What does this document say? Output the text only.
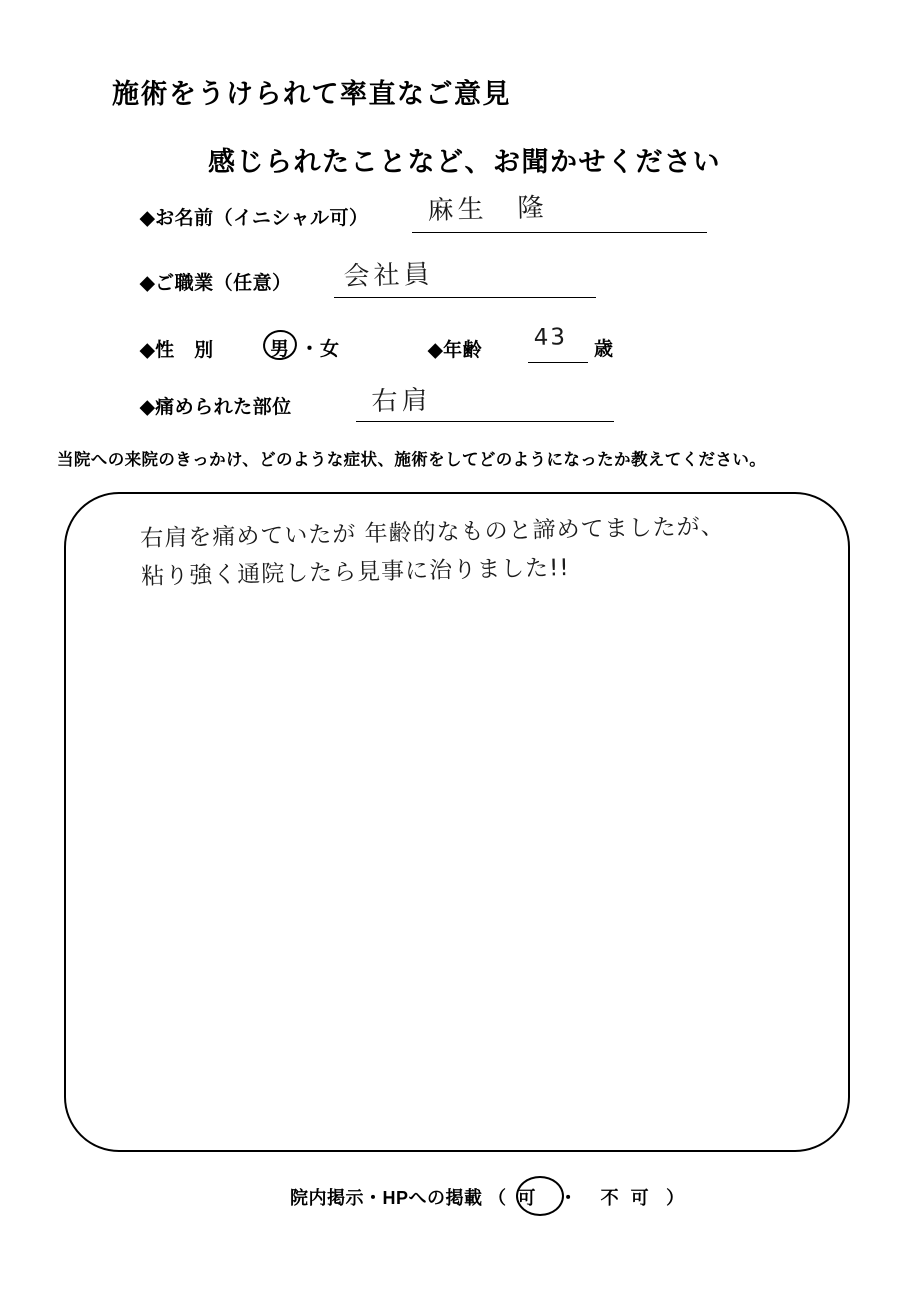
施術をうけられて率直なご意見
感じられたことなど、お聞かせください
◆ お名前（イニシャル可） 麻生　隆
◆ ご職業（任意） 会社員
◆ 性　別	男 ・ 女	◆ 年齢 43 歳
◆ 痛められた部位	右肩
当院への来院のきっかけ、どのような症状、施術をしてどのようになったか教えてください。
右肩を痛めていたが 年齢的なものと諦めてましたが、
粘り強く通院したら見事に治りました!!
院内掲示・HPへの掲載 （ 可 ・ 不可 ）
